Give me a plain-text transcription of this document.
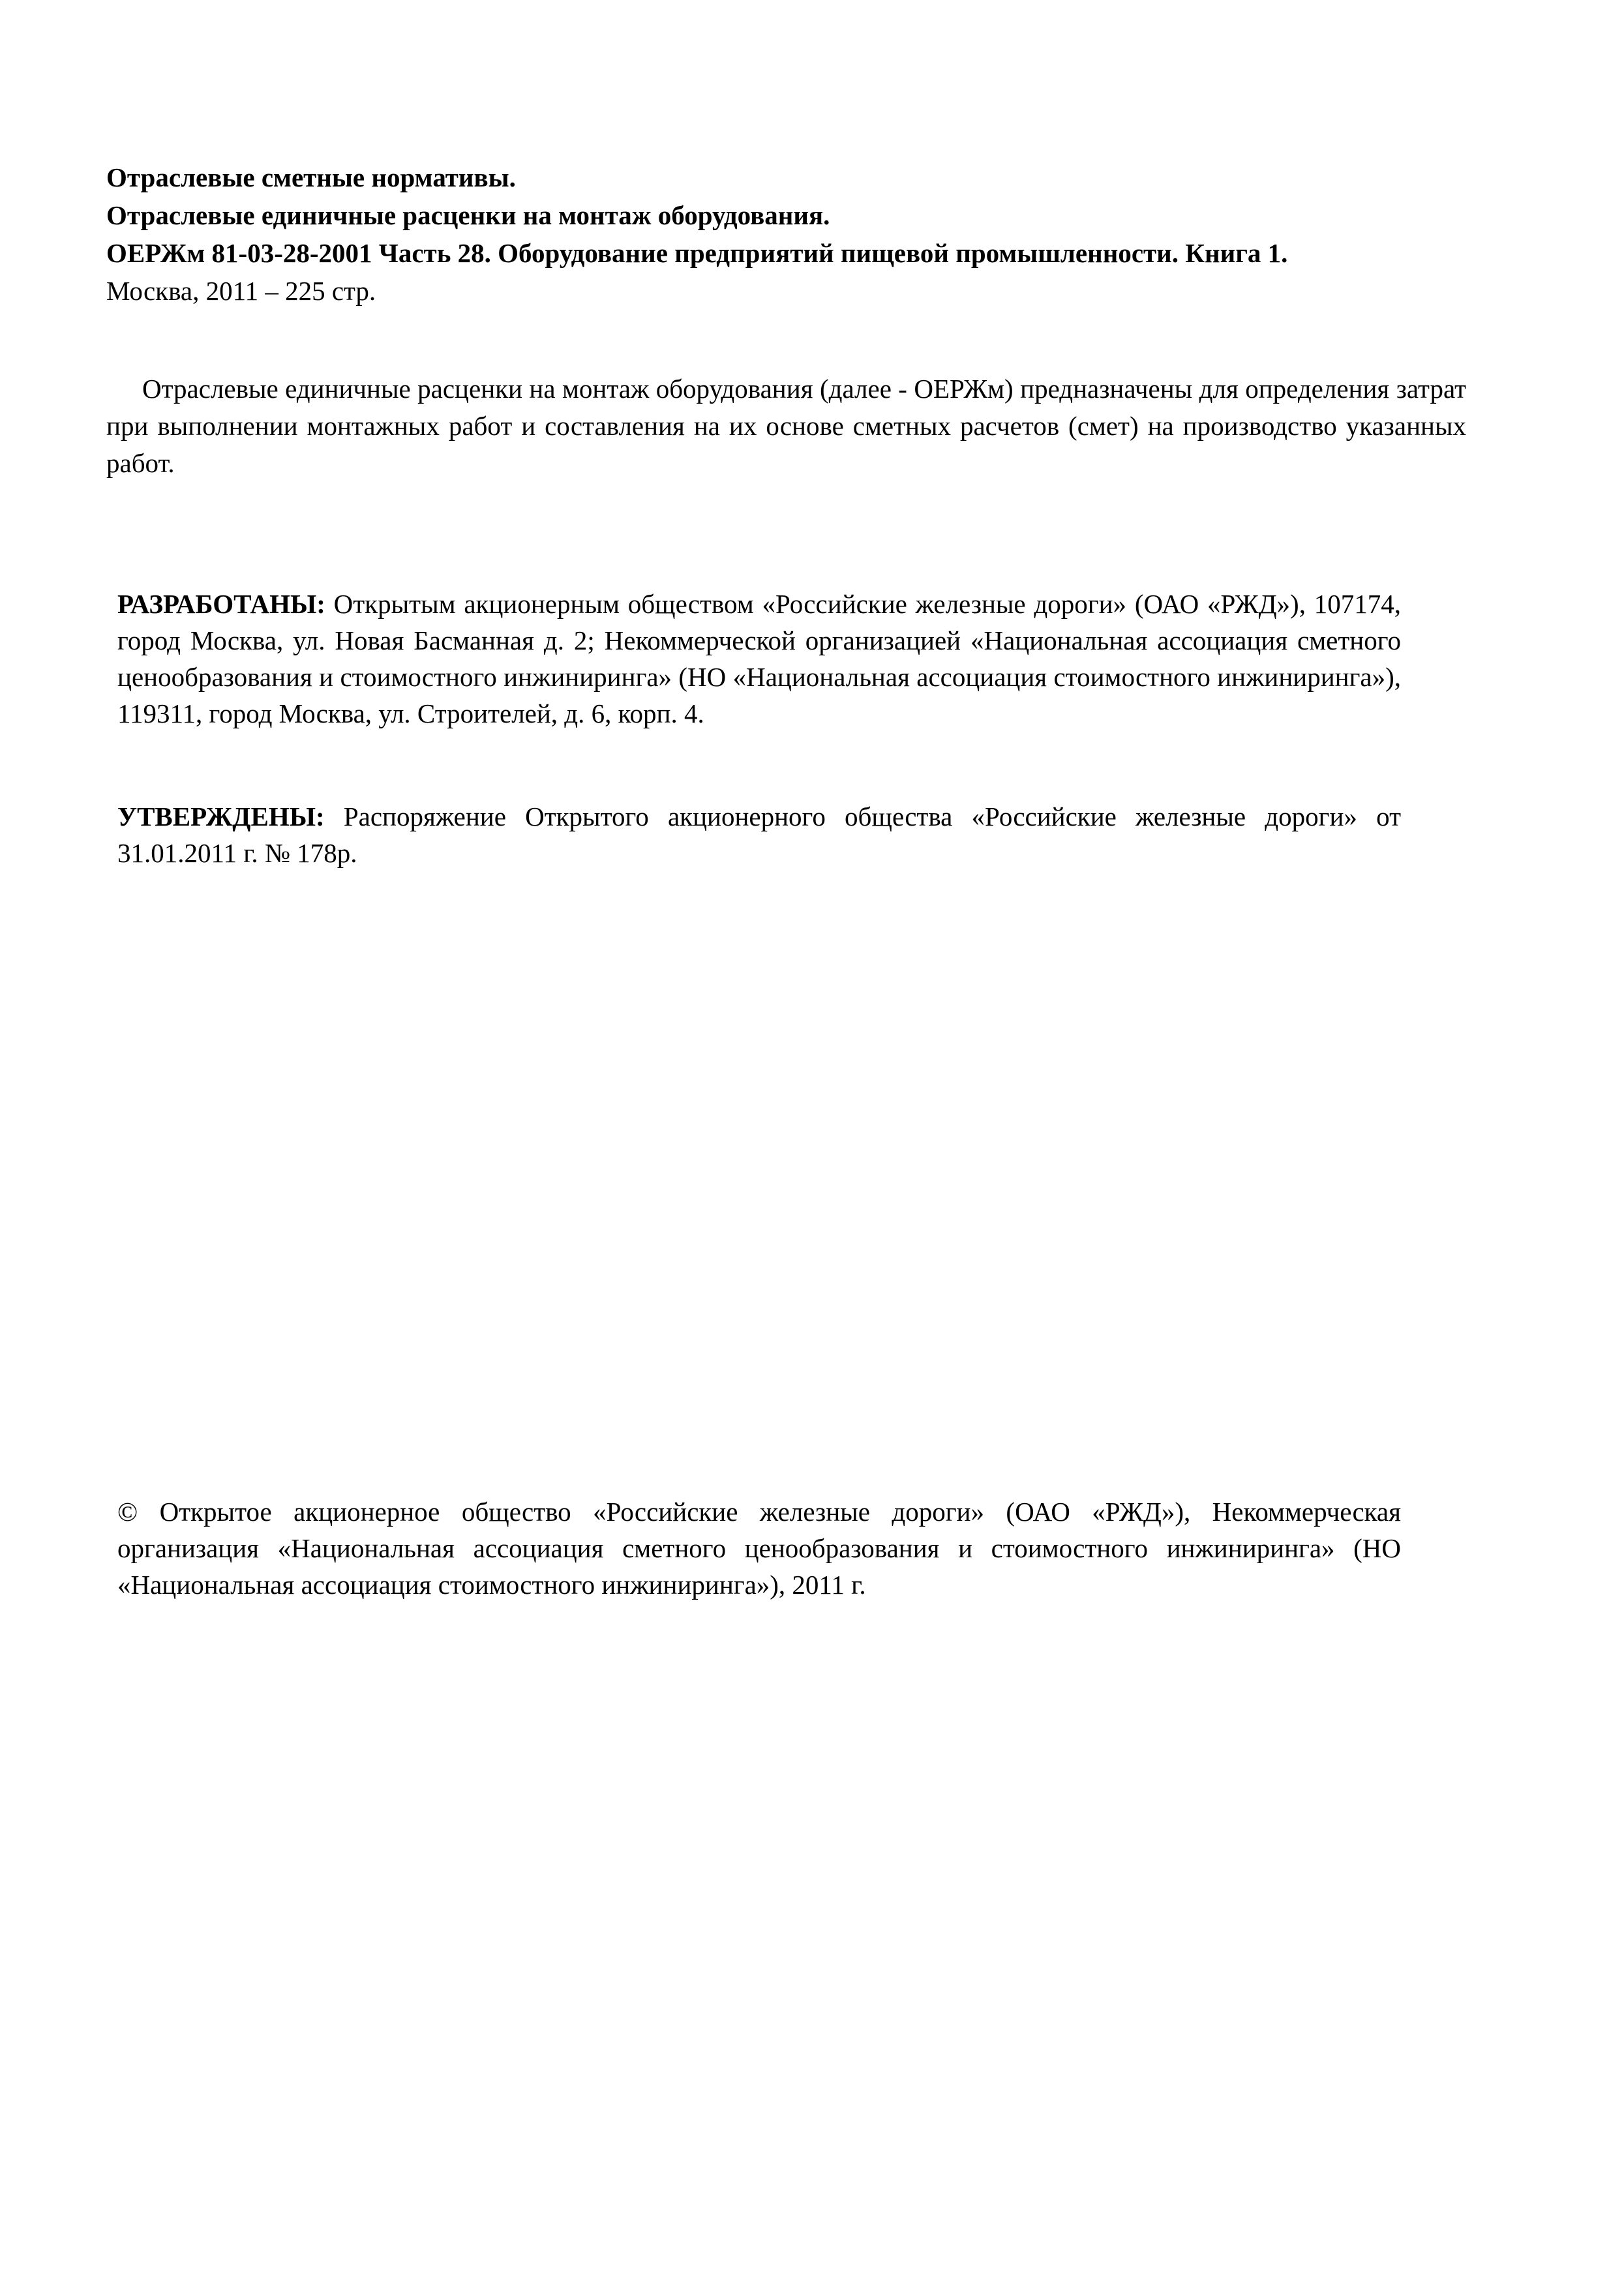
Отраслевые сметные нормативы.
Отраслевые единичные расценки на монтаж оборудования.
ОЕРЖм 81-03-28-2001 Часть 28. Оборудование предприятий пищевой промышленности. Книга 1.
Москва, 2011 – 225 стр.

Отраслевые единичные расценки на монтаж оборудования (далее - ОЕРЖм) предназначены для определения затрат при выполнении монтажных работ и составления на их основе сметных расчетов (смет) на производство указанных работ.

РАЗРАБОТАНЫ: Открытым акционерным обществом «Российские железные дороги» (ОАО «РЖД»), 107174, город Москва, ул. Новая Басманная д. 2; Некоммерческой организацией «Национальная ассоциация сметного ценообразования и стоимостного инжиниринга» (НО «Национальная ассоциация стоимостного инжиниринга»), 119311, город Москва, ул. Строителей, д. 6, корп. 4.

УТВЕРЖДЕНЫ: Распоряжение Открытого акционерного общества «Российские железные дороги» от 31.01.2011 г. № 178р.

© Открытое акционерное общество «Российские железные дороги» (ОАО «РЖД»), Некоммерческая организация «Национальная ассоциация сметного ценообразования и стоимостного инжиниринга» (НО «Национальная ассоциация стоимостного инжиниринга»), 2011 г.
